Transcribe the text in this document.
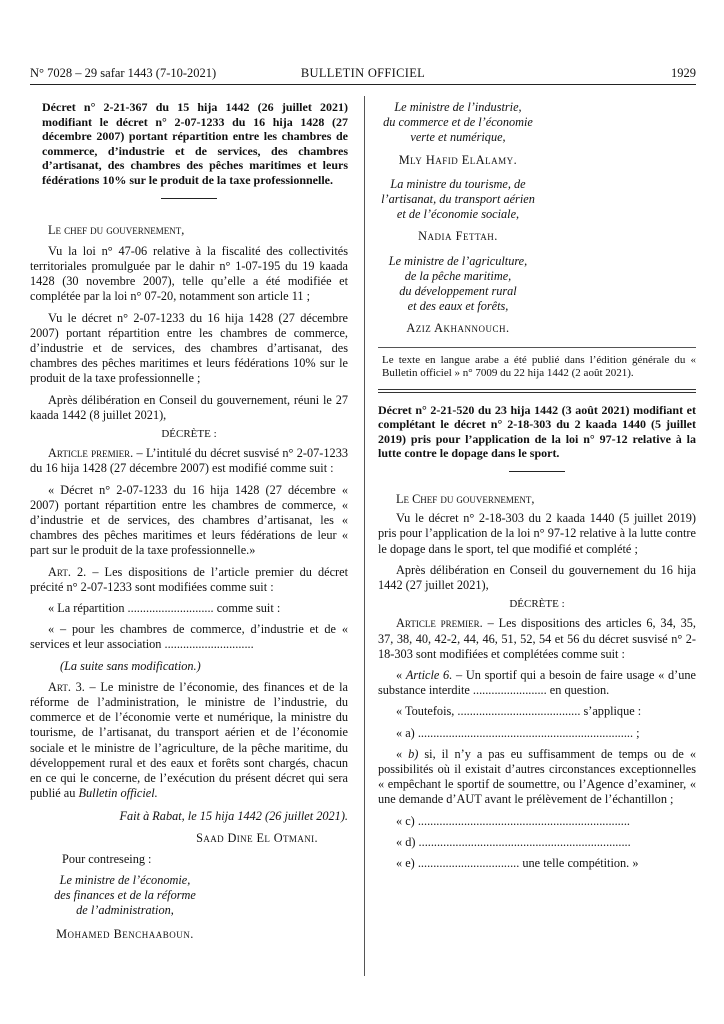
N° 7028 – 29 safar 1443 (7-10-2021)	BULLETIN OFFICIEL	1929
Décret n° 2-21-367 du 15 hija 1442 (26 juillet 2021) modifiant le décret n° 2-07-1233 du 16 hija 1428 (27 décembre 2007) portant répartition entre les chambres de commerce, d’industrie et de services, des chambres d’artisanat, des chambres des pêches maritimes et leurs fédérations 10% sur le produit de la taxe professionnelle.

Le chef du gouvernement,

Vu la loi n° 47-06 relative à la fiscalité des collectivités territoriales promulguée par le dahir n° 1-07-195 du 19 kaada 1428 (30 novembre 2007), telle qu’elle a été modifiée et complétée par la loi n° 07-20, notamment son article 11 ;

Vu le décret n° 2-07-1233 du 16 hija 1428 (27 décembre 2007) portant répartition entre les chambres de commerce, d’industrie et de services, des chambres d’artisanat, des chambres des pêches maritimes et leurs fédérations 10% sur le produit de la taxe professionnelle ;

Après délibération en Conseil du gouvernement, réuni le 27 kaada 1442 (8 juillet 2021),

DÉCRÈTE :

Article premier. – L’intitulé du décret susvisé n° 2-07-1233 du 16 hija 1428 (27 décembre 2007) est modifié comme suit :

« Décret n° 2-07-1233 du 16 hija 1428 (27 décembre « 2007) portant répartition entre les chambres de commerce, « d’industrie et de services, des chambres d’artisanat, les « chambres des pêches maritimes et leurs fédérations de leur « part sur le produit de la taxe professionnelle.»

Art. 2. – Les dispositions de l’article premier du décret précité n° 2-07-1233 sont modifiées comme suit :

« La répartition ............................ comme suit :

« – pour les chambres de commerce, d’industrie et de « services et leur association .............................

(La suite sans modification.)

Art. 3. – Le ministre de l’économie, des finances et de la réforme de l’administration, le ministre de l’industrie, du commerce et de l’économie verte et numérique, la ministre du tourisme, de l’artisanat, du transport aérien et de l’économie sociale et le ministre de l’agriculture, de la pêche maritime, du développement rural et des eaux et forêts sont chargés, chacun en ce qui le concerne, de l’exécution du présent décret qui sera publié au Bulletin officiel.

Fait à Rabat, le 15 hija 1442 (26 juillet 2021).

Saad Dine El Otmani.

Pour contreseing :

Le ministre de l’économie,
des finances et de la réforme
de l’administration,
Mohamed Benchaaboun.
Le ministre de l’industrie,
du commerce et de l’économie
verte et numérique,
Mly Hafid ElAlamy.
La ministre du tourisme, de
l’artisanat, du transport aérien
et de l’économie sociale,
Nadia Fettah.
Le ministre de l’agriculture,
de la pêche maritime,
du développement rural
et des eaux et forêts,
Aziz Akhannouch.
Le texte en langue arabe a été publié dans l’édition générale du « Bulletin officiel » n° 7009 du 22 hija 1442 (2 août 2021).
Décret n° 2-21-520 du 23 hija 1442 (3 août 2021) modifiant et complétant le décret n° 2-18-303 du 2 kaada 1440 (5 juillet 2019) pris pour l’application de la loi n° 97-12 relative à la lutte contre le dopage dans le sport.

Le Chef du gouvernement,

Vu le décret n° 2-18-303 du 2 kaada 1440 (5 juillet 2019) pris pour l’application de la loi n° 97-12 relative à la lutte contre le dopage dans le sport, tel que modifié et complété ;

Après délibération en Conseil du gouvernement du 16 hija 1442 (27 juillet 2021),

DÉCRÈTE :

Article premier. – Les dispositions des articles 6, 34, 35, 37, 38, 40, 42-2, 44, 46, 51, 52, 54 et 56 du décret susvisé n° 2-18-303 sont modifiées et complétées comme suit :

« Article 6. – Un sportif qui a besoin de faire usage « d’une substance interdite ........................ en question.

« Toutefois, ........................................ s’applique :

« a) ...................................................................... ;

« b) si, il n’y a pas eu suffisamment de temps ou de « possibilités où il existait d’autres circonstances exceptionnelles « empêchant le sportif de soumettre, ou l’Agence d’examiner, « une demande d’AUT avant le prélèvement de l’échantillon ;

« c) .....................................................................

« d) .....................................................................

« e) ................................. une telle compétition. »
